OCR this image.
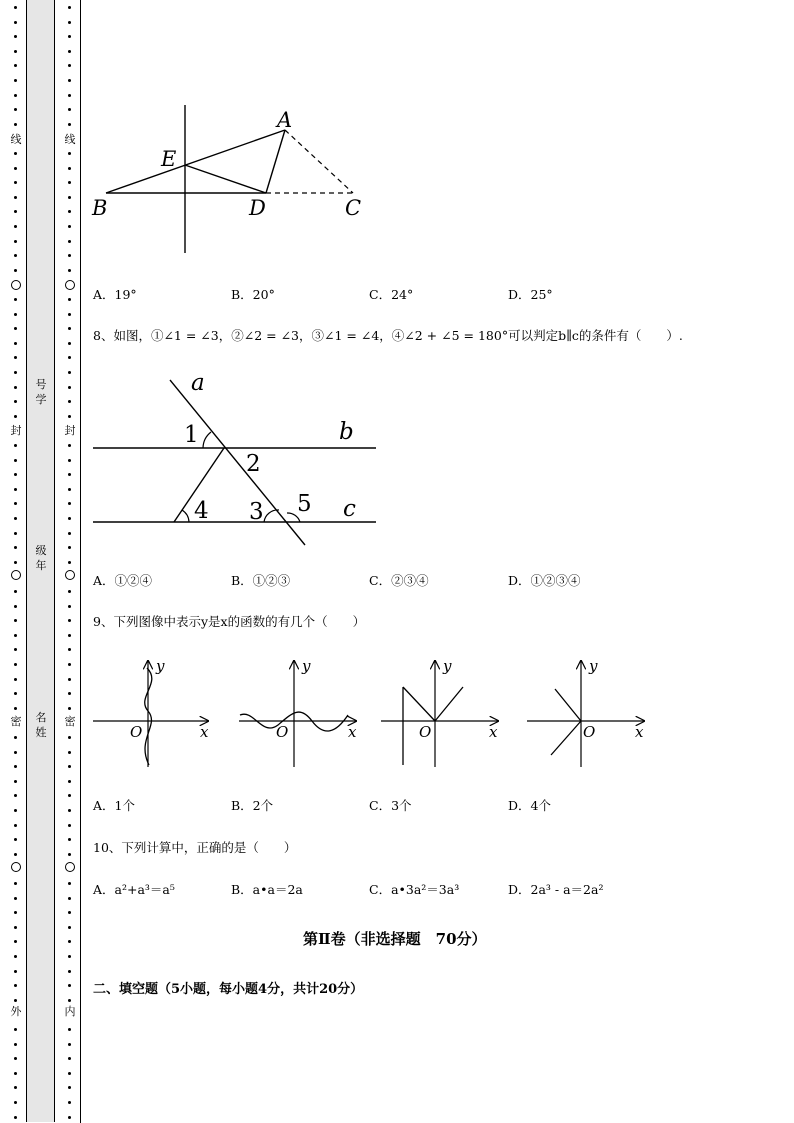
线
封
密
外
线
封
密
内
号学
级年
名姓
A
E
B	D	C
A．19°	B．20°	C．24°	D．25°
8、如图，①∠1 = ∠3，②∠2 = ∠3，③∠1 = ∠4，④∠2 + ∠5 = 180°可以判定b∥c的条件有（　　）.
a
b
c
1
2
3
4	5
A．①②④	B．①②③	C．②③④	D．①②③④
9、下列图像中表示y是x的函数的有几个（　　）
y
x
O
y
x
O
y
x
O
y
x
O
A．1个	B．2个	C．3个	D．4个
10、下列计算中，正确的是（　　）
A．a²+a³＝a⁵	B．a•a＝2a	C．a•3a²＝3a³	D．2a³ - a＝2a²
第Ⅱ卷（非选择题　70分）
二、填空题（5小题，每小题4分，共计20分）
